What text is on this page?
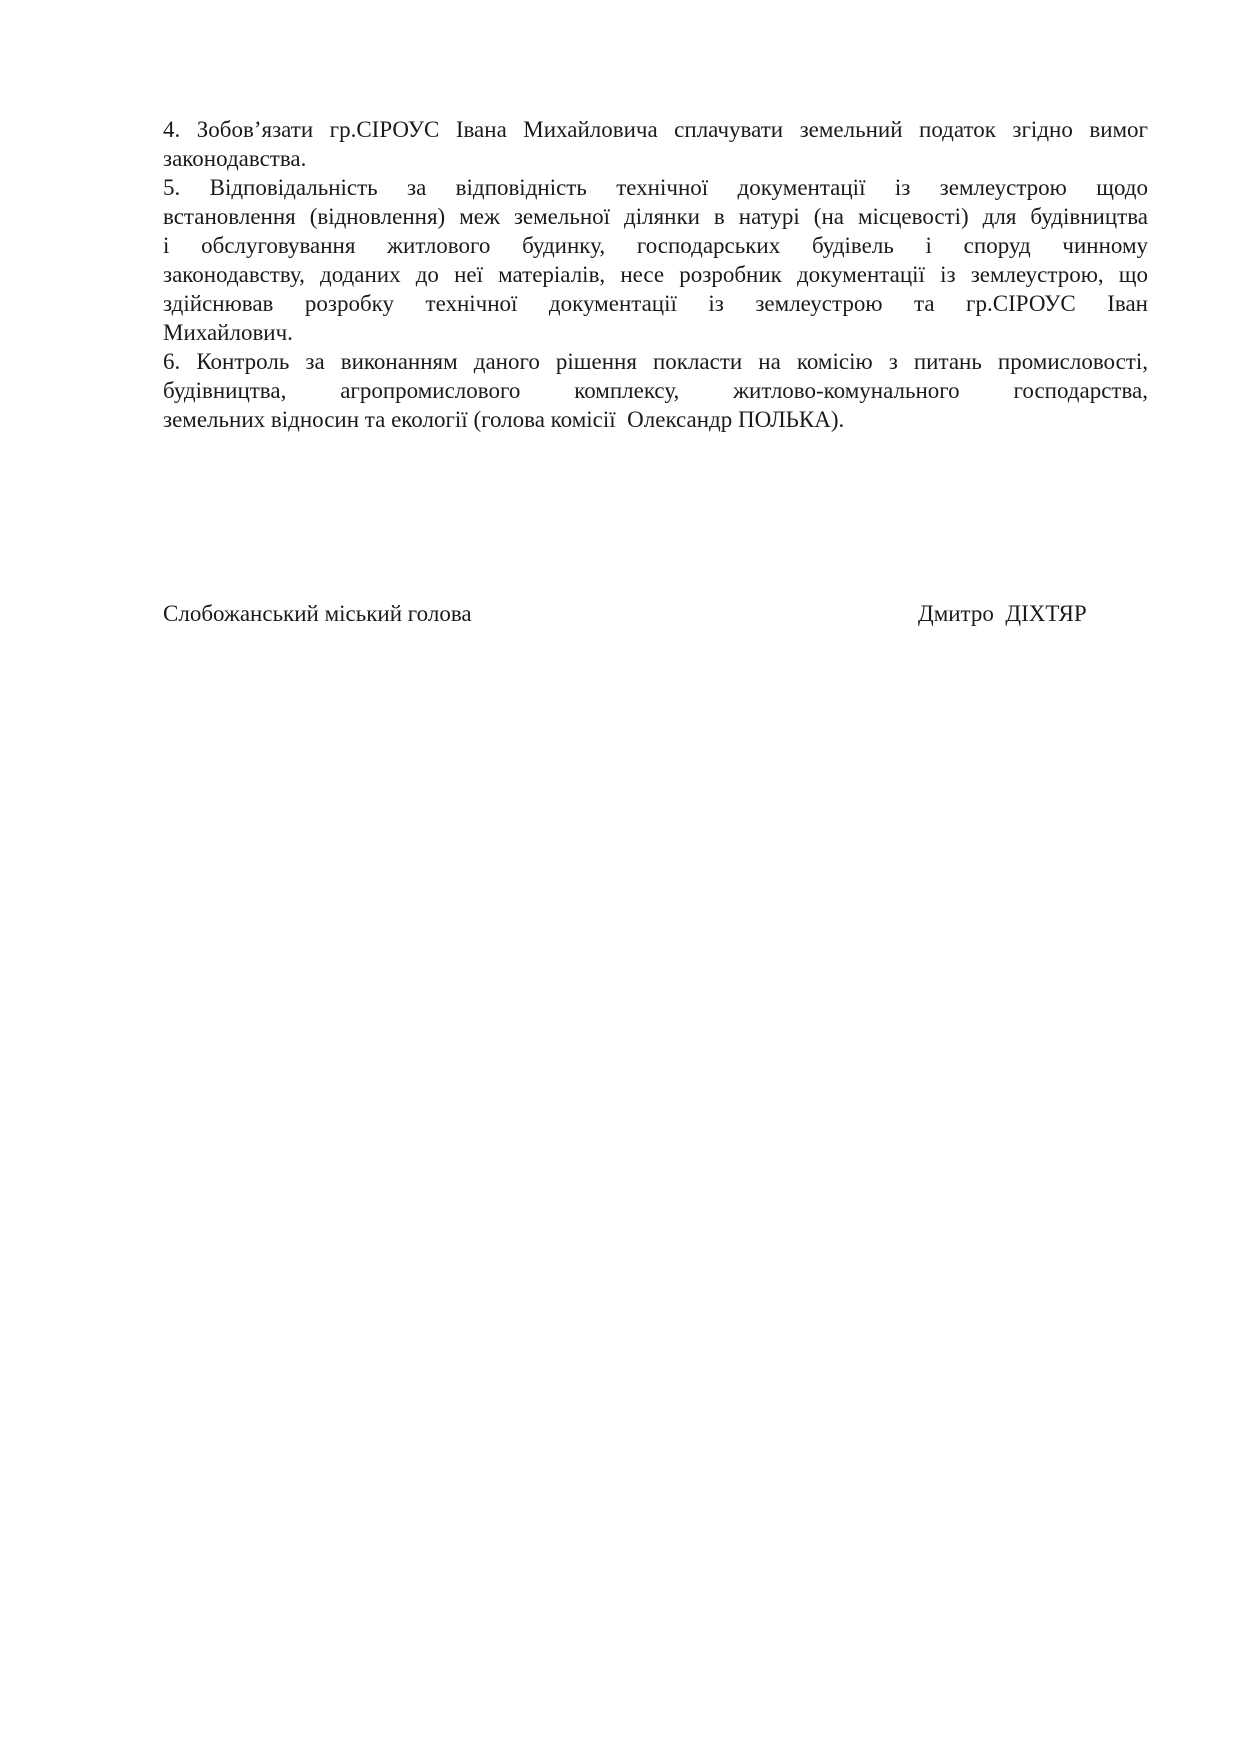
4. Зобов’язати гр.СІРОУС Івана Михайловича сплачувати земельний податок згідно вимог
законодавства.
5. Відповідальність за відповідність технічної документації із землеустрою щодо
встановлення (відновлення) меж земельної ділянки в натурі (на місцевості) для будівництва
і обслуговування житлового будинку, господарських будівель і споруд чинному
законодавству, доданих до неї матеріалів, несе розробник документації із землеустрою, що
здійснював розробку технічної документації із землеустрою та гр.СІРОУС Іван
Михайлович.
6. Контроль за виконанням даного рішення покласти на комісію з питань промисловості,
будівництва, агропромислового комплексу, житлово-комунального господарства,
земельних відносин та екології (голова комісії  Олександр ПОЛЬКА).
Слобожанський міський голова	Дмитро  ДІХТЯР
